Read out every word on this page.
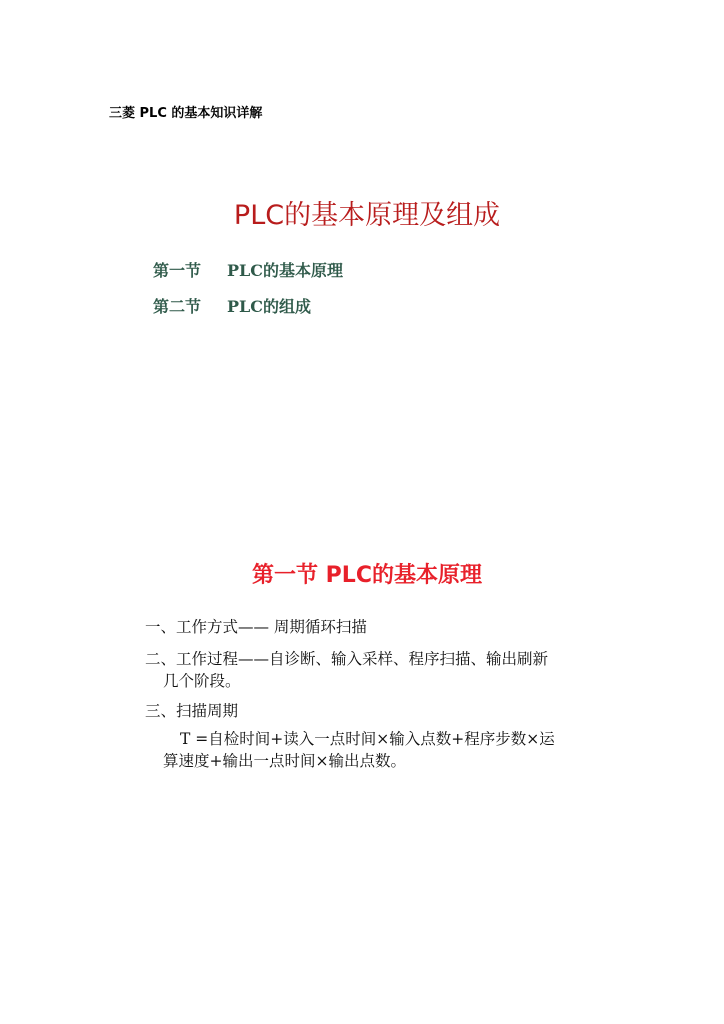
三菱 PLC 的基本知识详解
PLC的基本原理及组成
第一节 PLC的基本原理
第二节 PLC的组成
第一节 PLC的基本原理
一、工作方式—— 周期循环扫描
二、工作过程——自诊断、输入采样、程序扫描、输出刷新
几个阶段。
三、扫描周期
T =自检时间+读入一点时间×输入点数+程序步数×运
算速度+输出一点时间×输出点数。
